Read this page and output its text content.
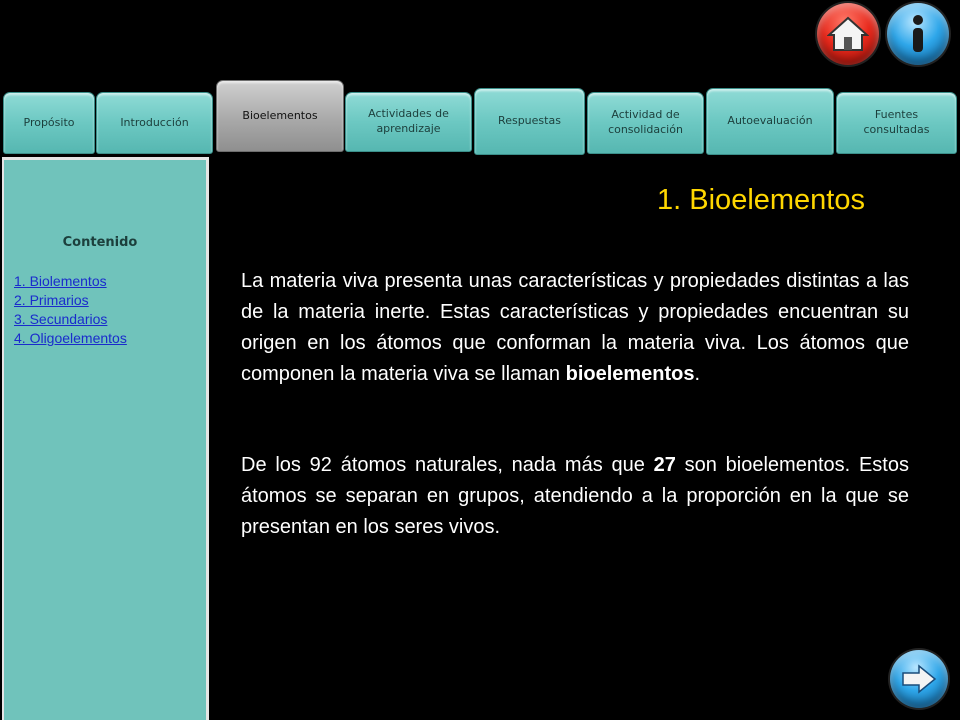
Propósito	Introducción
Bioelementos	Actividades de aprendizaje
Respuestas	Actividad de consolidación
Autoevaluación	Fuentes consultadas
Contenido
1. Biolementos
2. Primarios
3. Secundarios
4. Oligoelementos
1. Bioelementos

La materia viva presenta unas características y propiedades distintas a las de la materia inerte. Estas características y propiedades encuentran su origen en los átomos que conforman la materia viva. Los átomos que componen la materia viva se llaman bioelementos.

De los 92 átomos naturales, nada más que 27 son bioelementos. Estos átomos se separan en grupos, atendiendo a la proporción en la que se presentan en los seres vivos.
